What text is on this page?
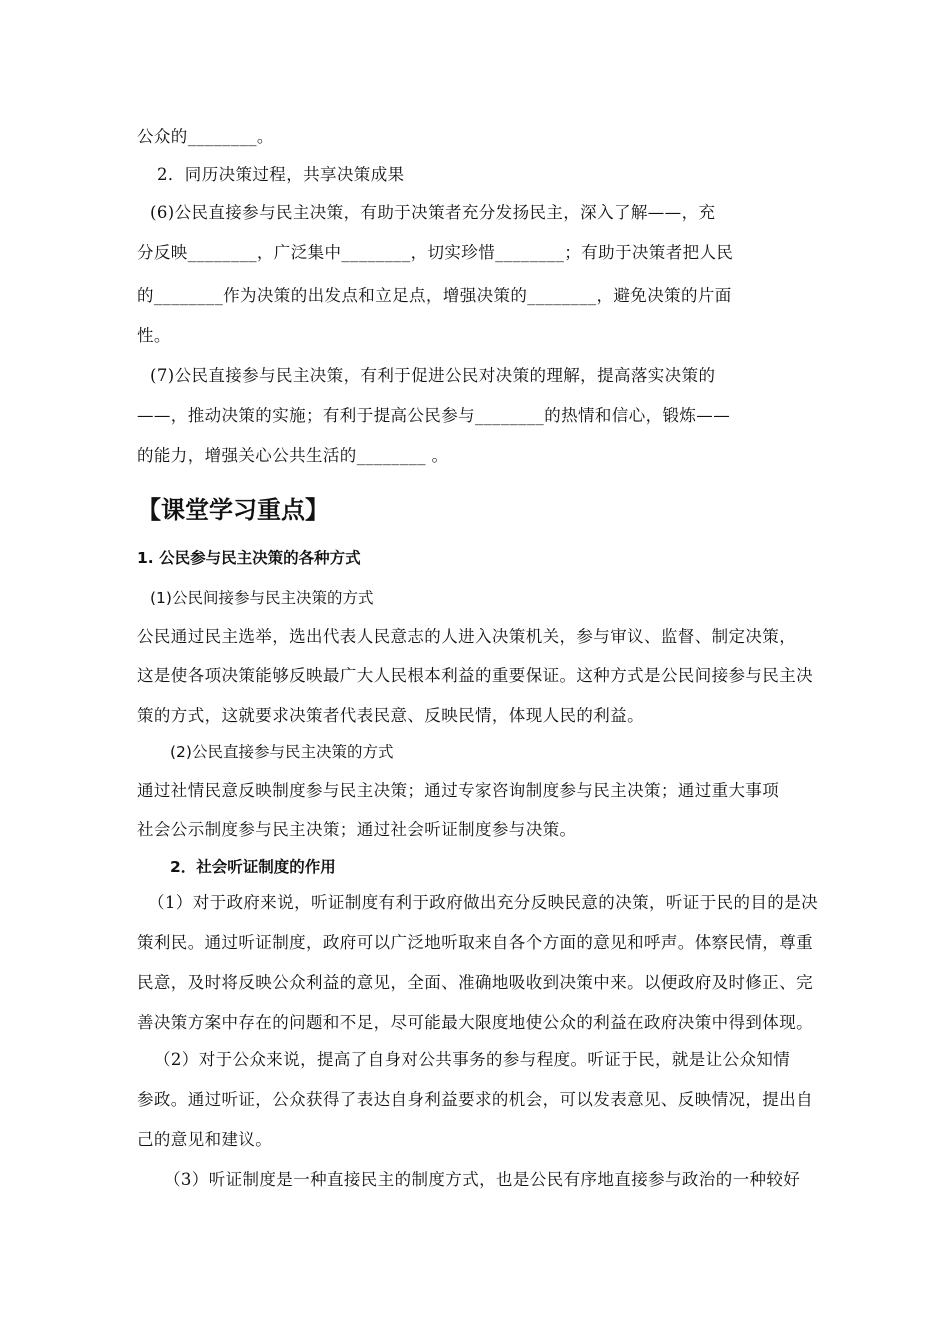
公众的________。
2．同历决策过程，共享决策成果
(6)公民直接参与民主决策，有助于决策者充分发扬民主，深入了解——，充
分反映________，广泛集中________，切实珍惜________；有助于决策者把人民
的________作为决策的出发点和立足点，增强决策的________，避免决策的片面
性。
(7)公民直接参与民主决策，有利于促进公民对决策的理解，提高落实决策的
——，推动决策的实施；有利于提高公民参与________的热情和信心，锻炼——
的能力，增强关心公共生活的________ 。
【课堂学习重点】
1. 公民参与民主决策的各种方式
(1)公民间接参与民主决策的方式
公民通过民主选举，选出代表人民意志的人进入决策机关，参与审议、监督、制定决策，
这是使各项决策能够反映最广大人民根本利益的重要保证。这种方式是公民间接参与民主决
策的方式，这就要求决策者代表民意、反映民情，体现人民的利益。
(2)公民直接参与民主决策的方式
通过社情民意反映制度参与民主决策；通过专家咨询制度参与民主决策；通过重大事项
社会公示制度参与民主决策；通过社会听证制度参与决策。
2．社会听证制度的作用
（1）对于政府来说，听证制度有利于政府做出充分反映民意的决策，听证于民的目的是决
策利民。通过听证制度，政府可以广泛地听取来自各个方面的意见和呼声。体察民情，尊重
民意，及时将反映公众利益的意见，全面、准确地吸收到决策中来。以便政府及时修正、完
善决策方案中存在的问题和不足，尽可能最大限度地使公众的利益在政府决策中得到体现。
（2）对于公众来说，提高了自身对公共事务的参与程度。听证于民，就是让公众知情
参政。通过听证，公众获得了表达自身利益要求的机会，可以发表意见、反映情况，提出自
己的意见和建议。
（3）听证制度是一种直接民主的制度方式，也是公民有序地直接参与政治的一种较好
